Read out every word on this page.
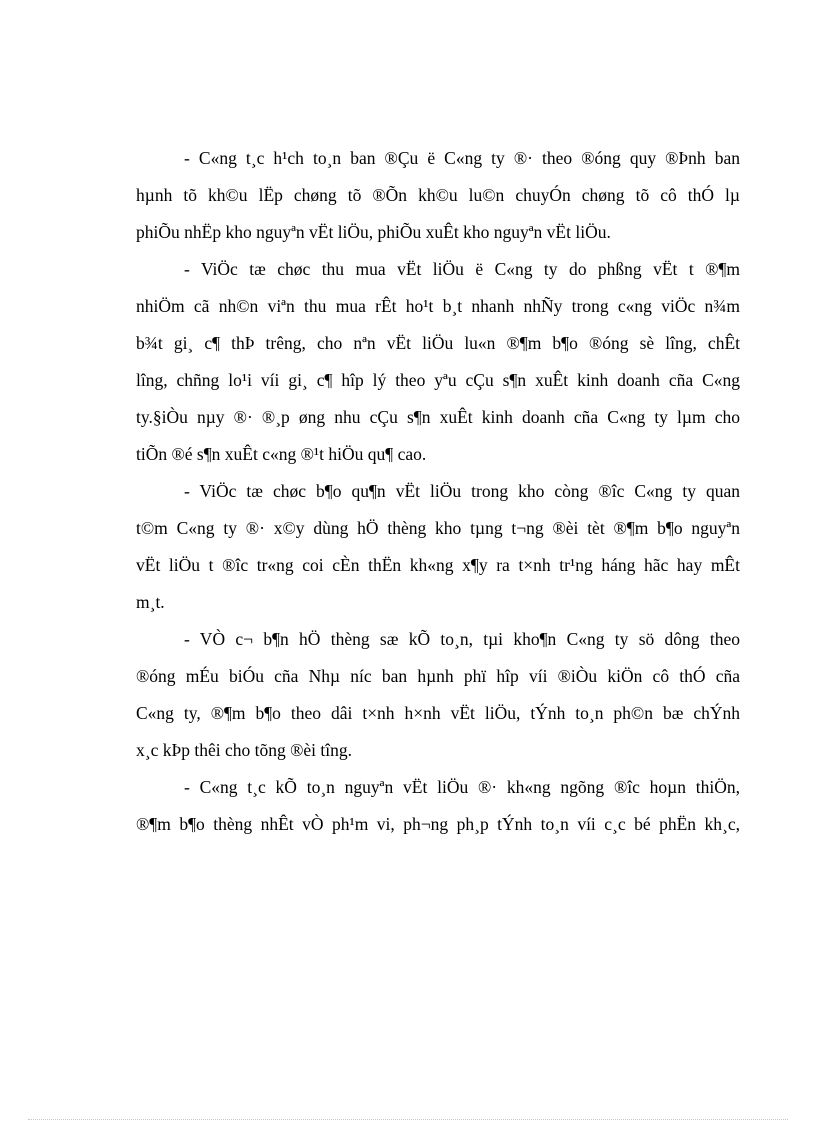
- C«ng t¸c h¹ch to¸n ban ®Çu ë C«ng ty ®· theo ®óng quy ®Þnh ban
hµnh tõ kh©u lËp chøng tõ ®Õn kh©u lu©n chuyÓn chøng tõ cô thÓ lµ
phiÕu nhËp kho nguyªn vËt liÖu, phiÕu xuÊt kho nguyªn vËt liÖu.
- ViÖc tæ chøc thu mua vËt liÖu ë C«ng ty do phßng vËt t ®¶m
nhiÖm cã nh©n viªn thu mua rÊt ho¹t b¸t nhanh nhÑy trong c«ng viÖc n¾m
b¾t gi¸ c¶ thÞ trêng, cho nªn vËt liÖu lu«n ®¶m b¶o ®óng sè lîng, chÊt
lîng, chñng lo¹i víi gi¸ c¶ hîp lý theo yªu cÇu s¶n xuÊt kinh doanh cña C«ng
ty.§iÒu nµy ®· ®¸p øng nhu cÇu s¶n xuÊt kinh doanh cña C«ng ty lµm cho
tiÕn ®é s¶n xuÊt c«ng ®¹t hiÖu qu¶ cao.
- ViÖc tæ chøc b¶o qu¶n vËt liÖu trong kho còng ®îc C«ng ty quan
t©m C«ng ty ®· x©y dùng hÖ thèng kho tµng t¬ng ®èi tèt ®¶m b¶o nguyªn
vËt liÖu t ®îc tr«ng coi cÈn thËn kh«ng x¶y ra t×nh tr¹ng háng hãc hay mÊt
m¸t.
- VÒ c¬ b¶n hÖ thèng sæ kÕ to¸n, tµi kho¶n C«ng ty sö dông theo
®óng mÉu biÓu cña Nhµ níc ban hµnh phï hîp víi ®iÒu kiÖn cô thÓ cña
C«ng ty, ®¶m b¶o theo dâi t×nh h×nh vËt liÖu, tÝnh to¸n ph©n bæ chÝnh
x¸c kÞp thêi cho tõng ®èi tîng.
- C«ng t¸c kÕ to¸n nguyªn vËt liÖu ®· kh«ng ngõng ®îc hoµn thiÖn,
®¶m b¶o thèng nhÊt vÒ ph¹m vi, ph¬ng ph¸p tÝnh to¸n víi c¸c bé phËn kh¸c,
